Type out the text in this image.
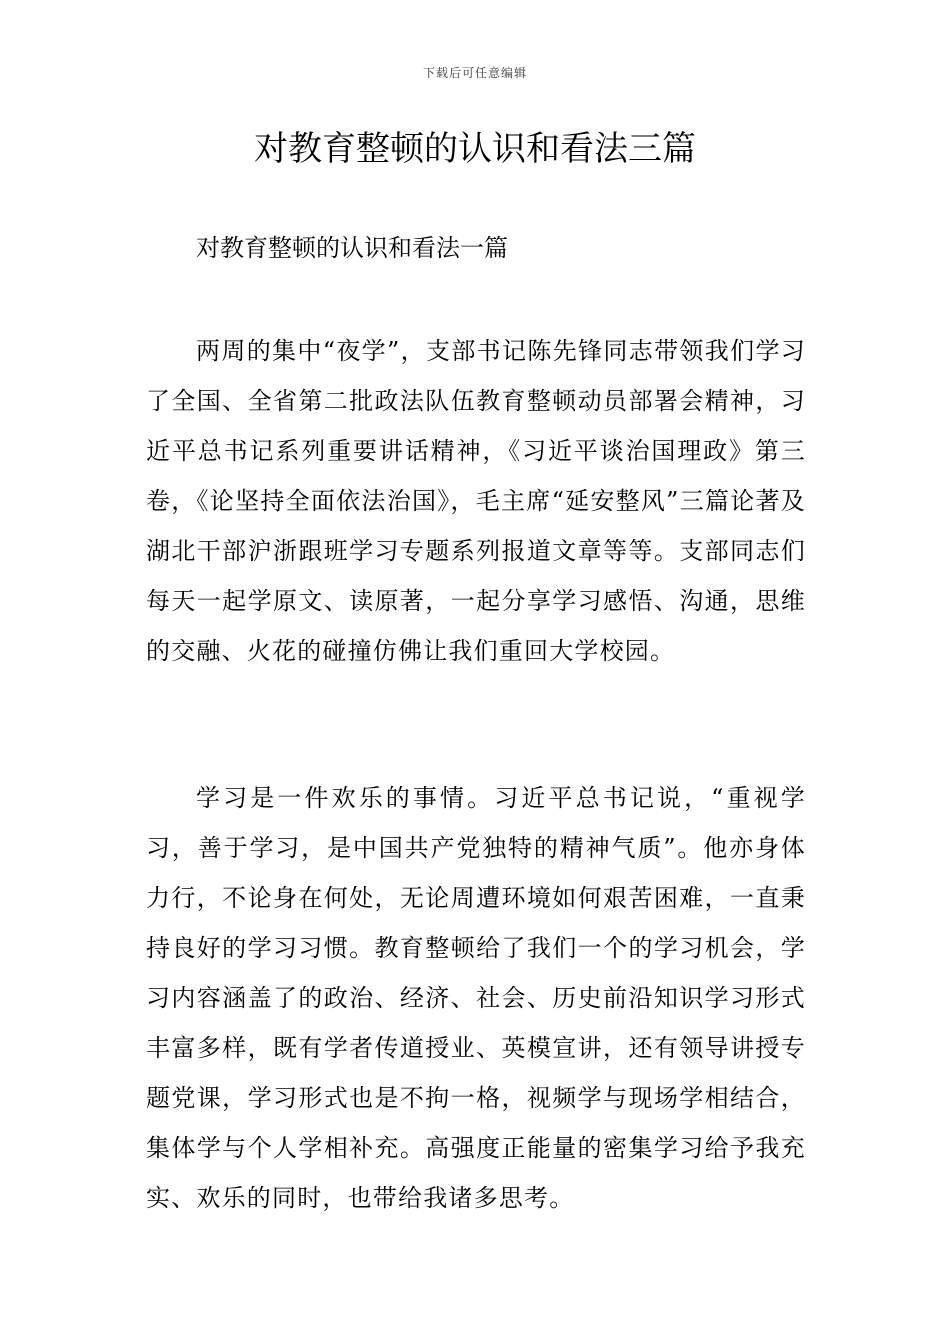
下载后可任意编辑
对教育整顿的认识和看法三篇
对教育整顿的认识和看法一篇

两周的集中“夜学”，支部书记陈先锋同志带领我们学习了全国、全省第二批政法队伍教育整顿动员部署会精神，习近平总书记系列重要讲话精神，《习近平谈治国理政》第三卷，《论坚持全面依法治国》，毛主席“延安整风”三篇论著及湖北干部沪浙跟班学习专题系列报道文章等等。支部同志们每天一起学原文、读原著，一起分享学习感悟、沟通，思维的交融、火花的碰撞仿佛让我们重回大学校园。

学习是一件欢乐的事情。习近平总书记说，“重视学习，善于学习，是中国共产党独特的精神气质”。他亦身体力行，不论身在何处，无论周遭环境如何艰苦困难，一直秉持良好的学习习惯。教育整顿给了我们一个的学习机会，学习内容涵盖了的政治、经济、社会、历史前沿知识学习形式丰富多样，既有学者传道授业、英模宣讲，还有领导讲授专题党课，学习形式也是不拘一格，视频学与现场学相结合，集体学与个人学相补充。高强度正能量的密集学习给予我充实、欢乐的同时，也带给我诸多思考。
